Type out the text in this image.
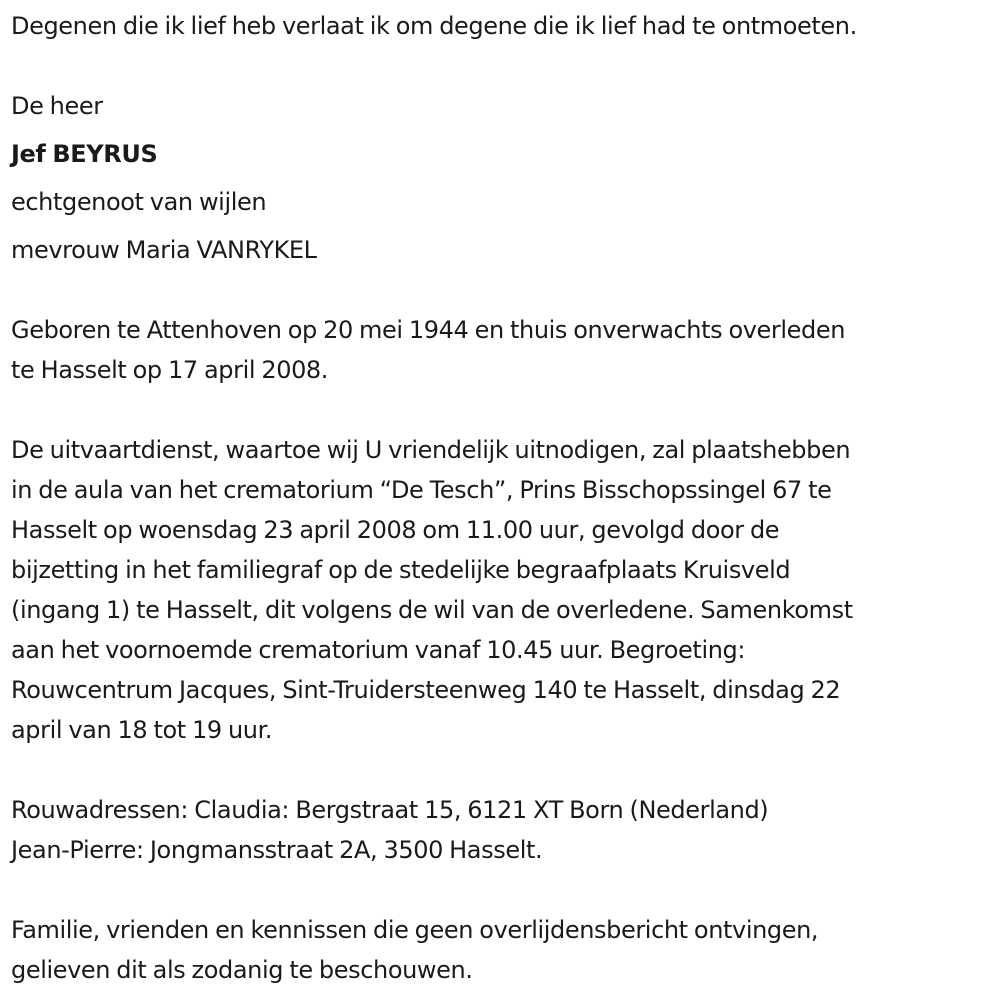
Degenen die ik lief heb verlaat ik om degene die ik lief had te ontmoeten.
De heer
Jef BEYRUS
echtgenoot van wijlen
mevrouw Maria VANRYKEL
Geboren te Attenhoven op 20 mei 1944 en thuis onverwachts overleden
te Hasselt op 17 april 2008.
De uitvaartdienst, waartoe wij U vriendelijk uitnodigen, zal plaatshebben
in de aula van het crematorium “De Tesch”, Prins Bisschopssingel 67 te
Hasselt op woensdag 23 april 2008 om 11.00 uur, gevolgd door de
bijzetting in het familiegraf op de stedelijke begraafplaats Kruisveld
(ingang 1) te Hasselt, dit volgens de wil van de overledene. Samenkomst
aan het voornoemde crematorium vanaf 10.45 uur. Begroeting:
Rouwcentrum Jacques, Sint-Truidersteenweg 140 te Hasselt, dinsdag 22
april van 18 tot 19 uur.
Rouwadressen: Claudia: Bergstraat 15, 6121 XT Born (Nederland)
Jean-Pierre: Jongmansstraat 2A, 3500 Hasselt.
Familie, vrienden en kennissen die geen overlijdensbericht ontvingen,
gelieven dit als zodanig te beschouwen.
